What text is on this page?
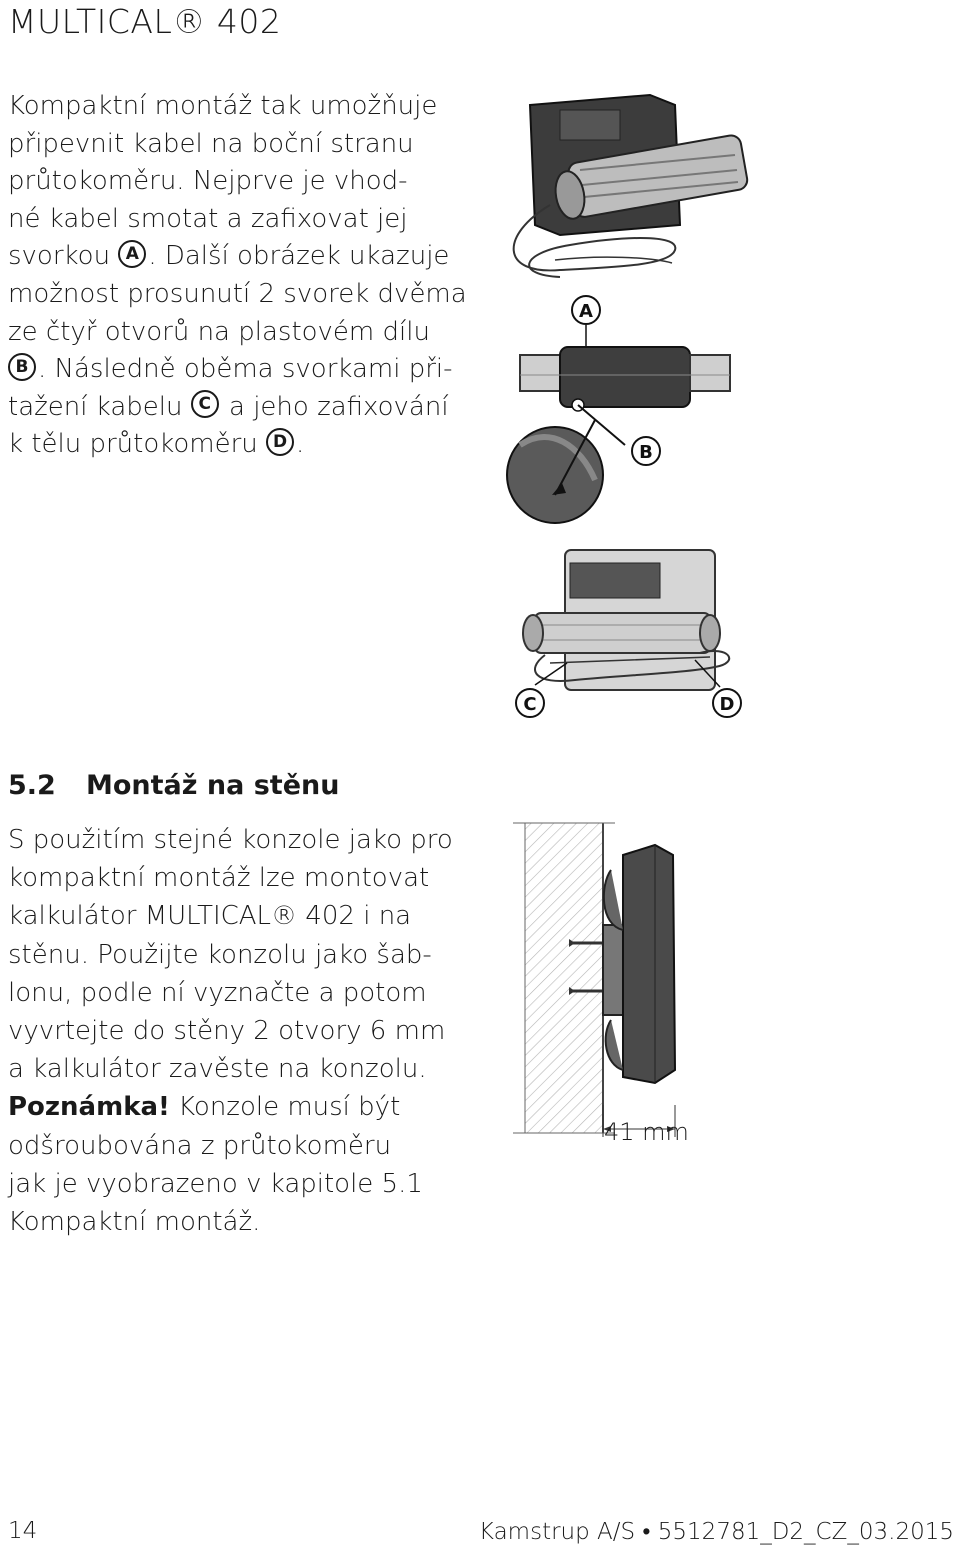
MULTICAL® 402
Kompaktní montáž tak umožňuje
připevnit kabel na boční stranu
průtokoměru. Nejprve je vhod-
né kabel smotat a zafixovat jej
svorkou A . Další obrázek ukazuje
možnost prosunutí 2 svorek dvěma
ze čtyř otvorů na plastovém dílu
B . Následně oběma svorkami při-
tažení kabelu C a jeho zafixování
k tělu průtokoměru D .
A
B
C	D
5.2 Montáž na stěnu
S použitím stejné konzole jako pro
kompaktní montáž lze montovat
kalkulátor MULTICAL® 402 i na
stěnu. Použijte konzolu jako šab-
lonu, podle ní vyznačte a potom
vyvrtejte do stěny 2 otvory 6 mm
a kalkulátor zavěste na konzolu.
Poznámka! Konzole musí být
odšroubována z průtokoměru
jak je vyobrazeno v kapitole 5.1
Kompaktní montáž.
41 mm
14	Kamstrup A/S • 5512781_D2_CZ_03.2015
